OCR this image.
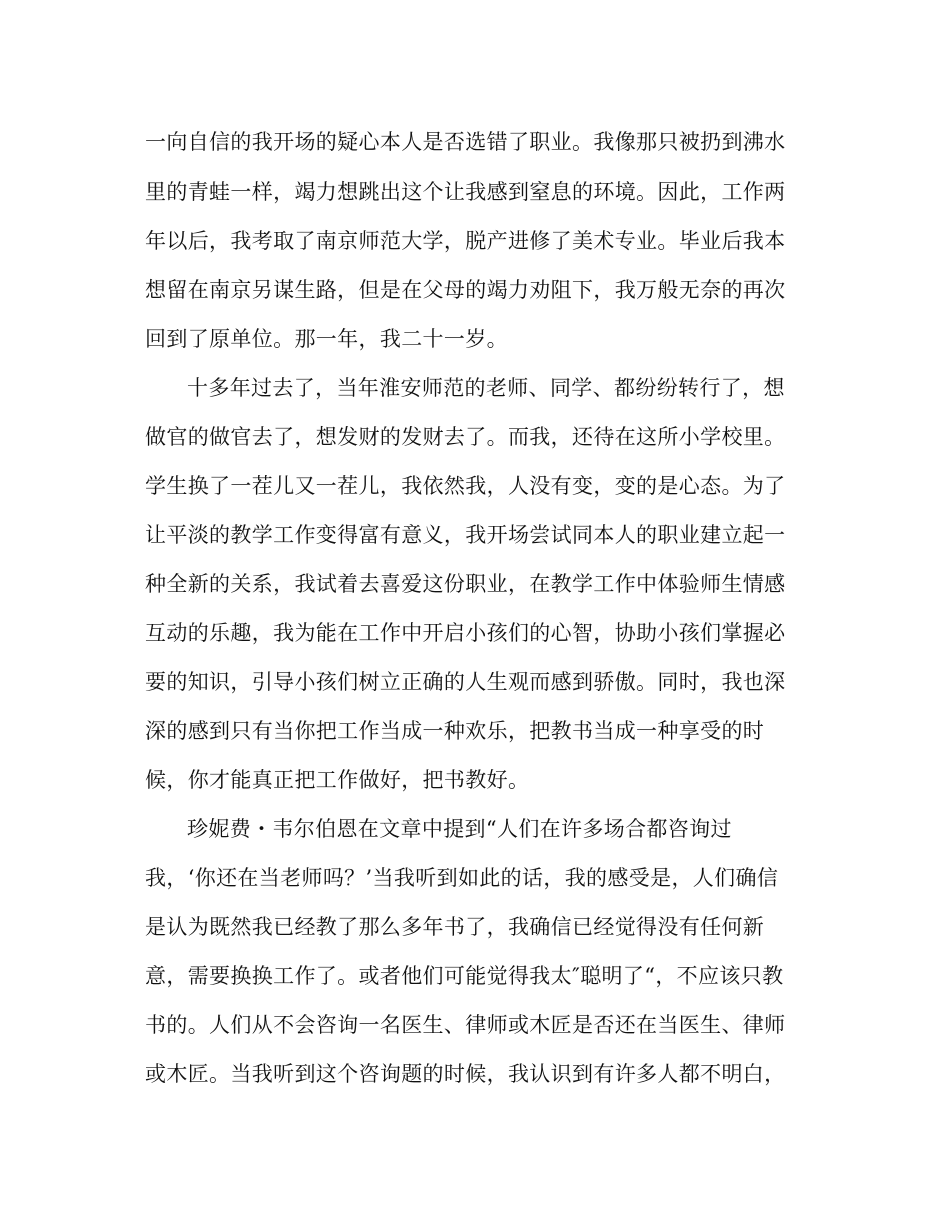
一向自信的我开场的疑心本人是否选错了职业。我像那只被扔到沸水
里的青蛙一样，竭力想跳出这个让我感到窒息的环境。因此，工作两
年以后，我考取了南京师范大学，脱产进修了美术专业。毕业后我本
想留在南京另谋生路，但是在父母的竭力劝阻下，我万般无奈的再次
回到了原单位。那一年，我二十一岁。
十多年过去了，当年淮安师范的老师、同学、都纷纷转行了，想
做官的做官去了，想发财的发财去了。而我，还待在这所小学校里。
学生换了一茬儿又一茬儿，我依然我，人没有变，变的是心态。为了
让平淡的教学工作变得富有意义，我开场尝试同本人的职业建立起一
种全新的关系，我试着去喜爱这份职业，在教学工作中体验师生情感
互动的乐趣，我为能在工作中开启小孩们的心智，协助小孩们掌握必
要的知识，引导小孩们树立正确的人生观而感到骄傲。同时，我也深
深的感到只有当你把工作当成一种欢乐，把教书当成一种享受的时
候，你才能真正把工作做好，把书教好。
珍妮费・韦尔伯恩在文章中提到“人们在许多场合都咨询过
我，‘你还在当老师吗？’当我听到如此的话，我的感受是，人们确信
是认为既然我已经教了那么多年书了，我确信已经觉得没有任何新
意，需要换换工作了。或者他们可能觉得我太″聪明了“，不应该只教
书的。人们从不会咨询一名医生、律师或木匠是否还在当医生、律师
或木匠。当我听到这个咨询题的时候，我认识到有许多人都不明白，
